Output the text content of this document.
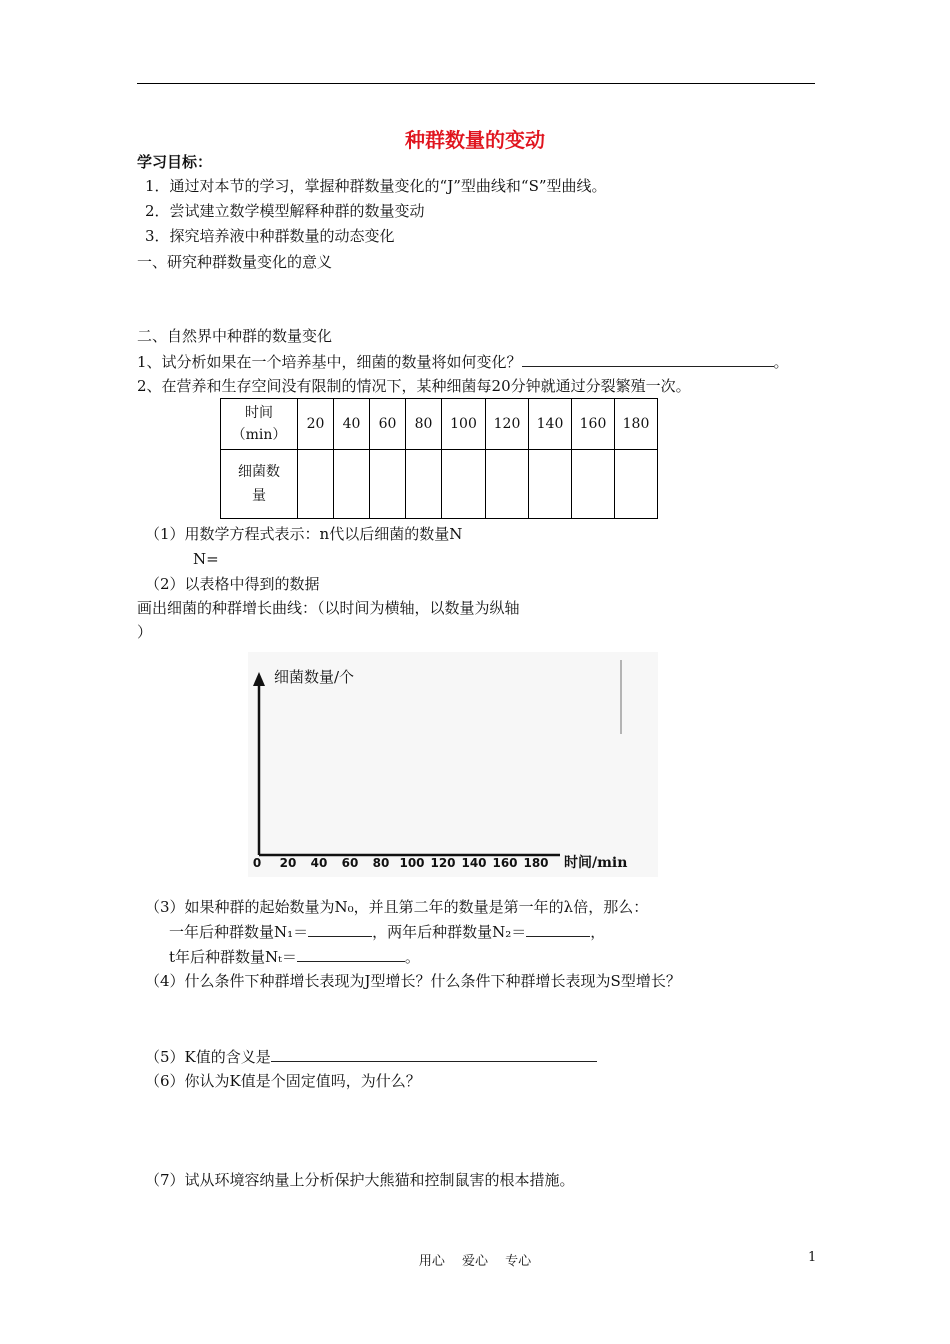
种群数量的变动
学习目标：
1．通过对本节的学习，掌握种群数量变化的“J”型曲线和“S”型曲线。
2．尝试建立数学模型解释种群的数量变动
3．探究培养液中种群数量的动态变化
一、研究种群数量变化的意义
二、自然界中种群的数量变化
1、试分析如果在一个培养基中，细菌的数量将如何变化？	。
2、在营养和生存空间没有限制的情况下，某种细菌每20分钟就通过分裂繁殖一次。
时间
（min）	20	40	60	80	100	120	140	160	180

细菌数
量									

（1）用数学方程式表示：n代以后细菌的数量N
N=
（2）以表格中得到的数据
画出细菌的种群增长曲线：（以时间为横轴，以数量为纵轴
）
细菌数量/个
时间/min
0 20 40 60 80 100 120 140 160 180
（3）如果种群的起始数量为N₀，并且第二年的数量是第一年的λ倍，那么：
一年后种群数量N₁＝	，两年后种群数量N₂＝	，
t年后种群数量Nₜ＝	。
（4）什么条件下种群增长表现为J型增长？什么条件下种群增长表现为S型增长？
（5）K值的含义是
（6）你认为K值是个固定值吗，为什么？
（7）试从环境容纳量上分析保护大熊猫和控制鼠害的根本措施。
用心　 爱心　 专心	1
